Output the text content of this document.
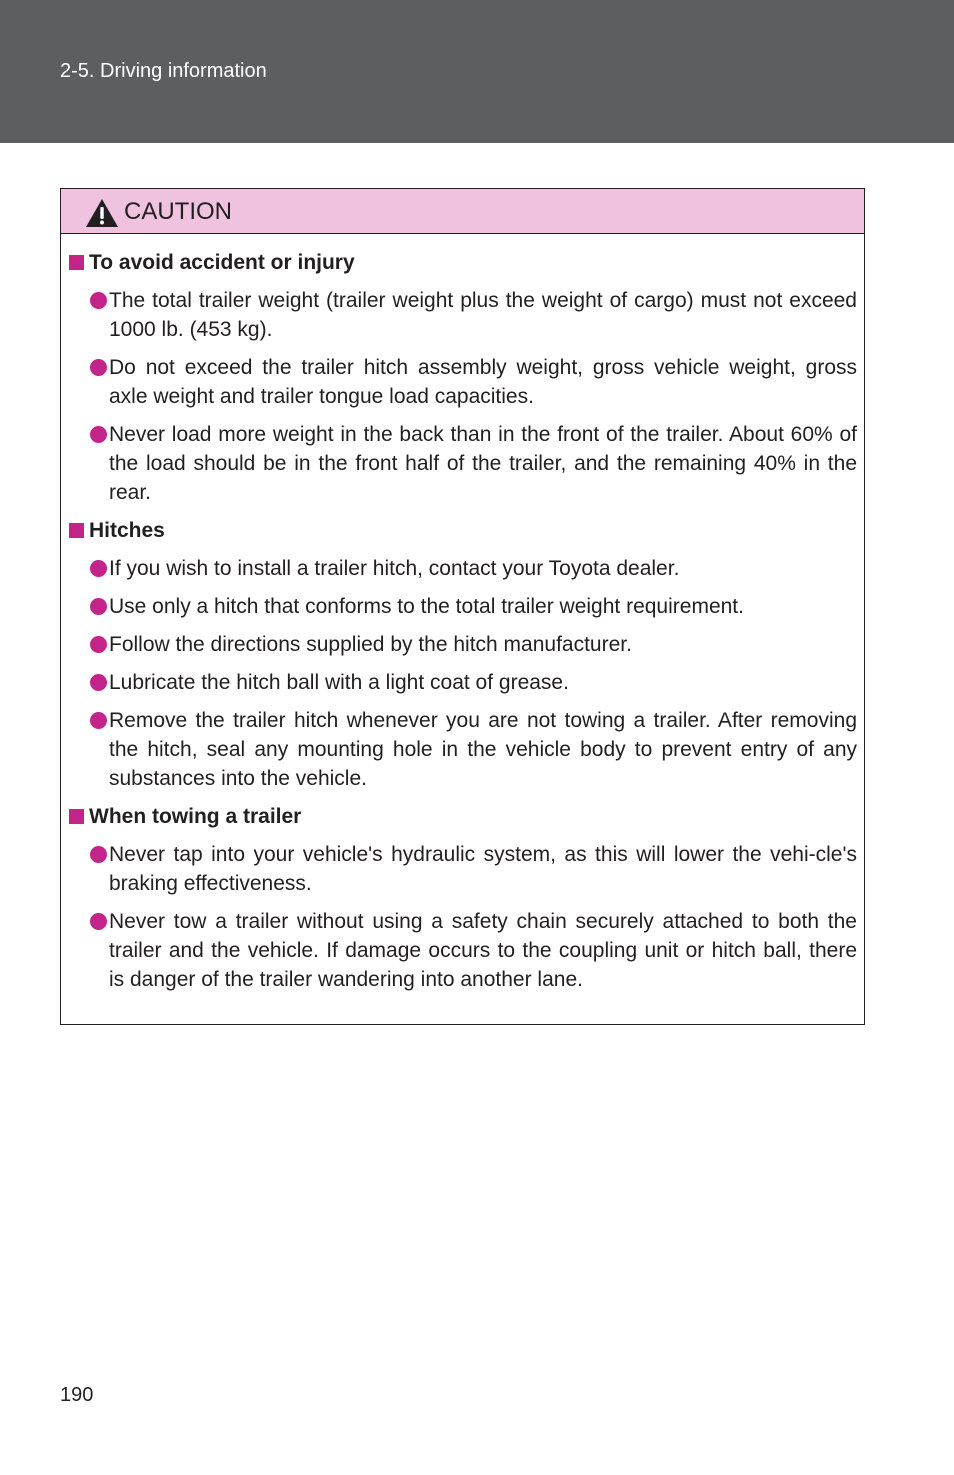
2-5. Driving information
CAUTION
To avoid accident or injury
The total trailer weight (trailer weight plus the weight of cargo) must not exceed 1000 lb. (453 kg).
Do not exceed the trailer hitch assembly weight, gross vehicle weight, gross axle weight and trailer tongue load capacities.
Never load more weight in the back than in the front of the trailer. About 60% of the load should be in the front half of the trailer, and the remaining 40% in the rear.
Hitches
If you wish to install a trailer hitch, contact your Toyota dealer.
Use only a hitch that conforms to the total trailer weight requirement.
Follow the directions supplied by the hitch manufacturer.
Lubricate the hitch ball with a light coat of grease.
Remove the trailer hitch whenever you are not towing a trailer. After removing the hitch, seal any mounting hole in the vehicle body to prevent entry of any substances into the vehicle.
When towing a trailer
Never tap into your vehicle's hydraulic system, as this will lower the vehi-cle's braking effectiveness.
Never tow a trailer without using a safety chain securely attached to both the trailer and the vehicle. If damage occurs to the coupling unit or hitch ball, there is danger of the trailer wandering into another lane.
190
